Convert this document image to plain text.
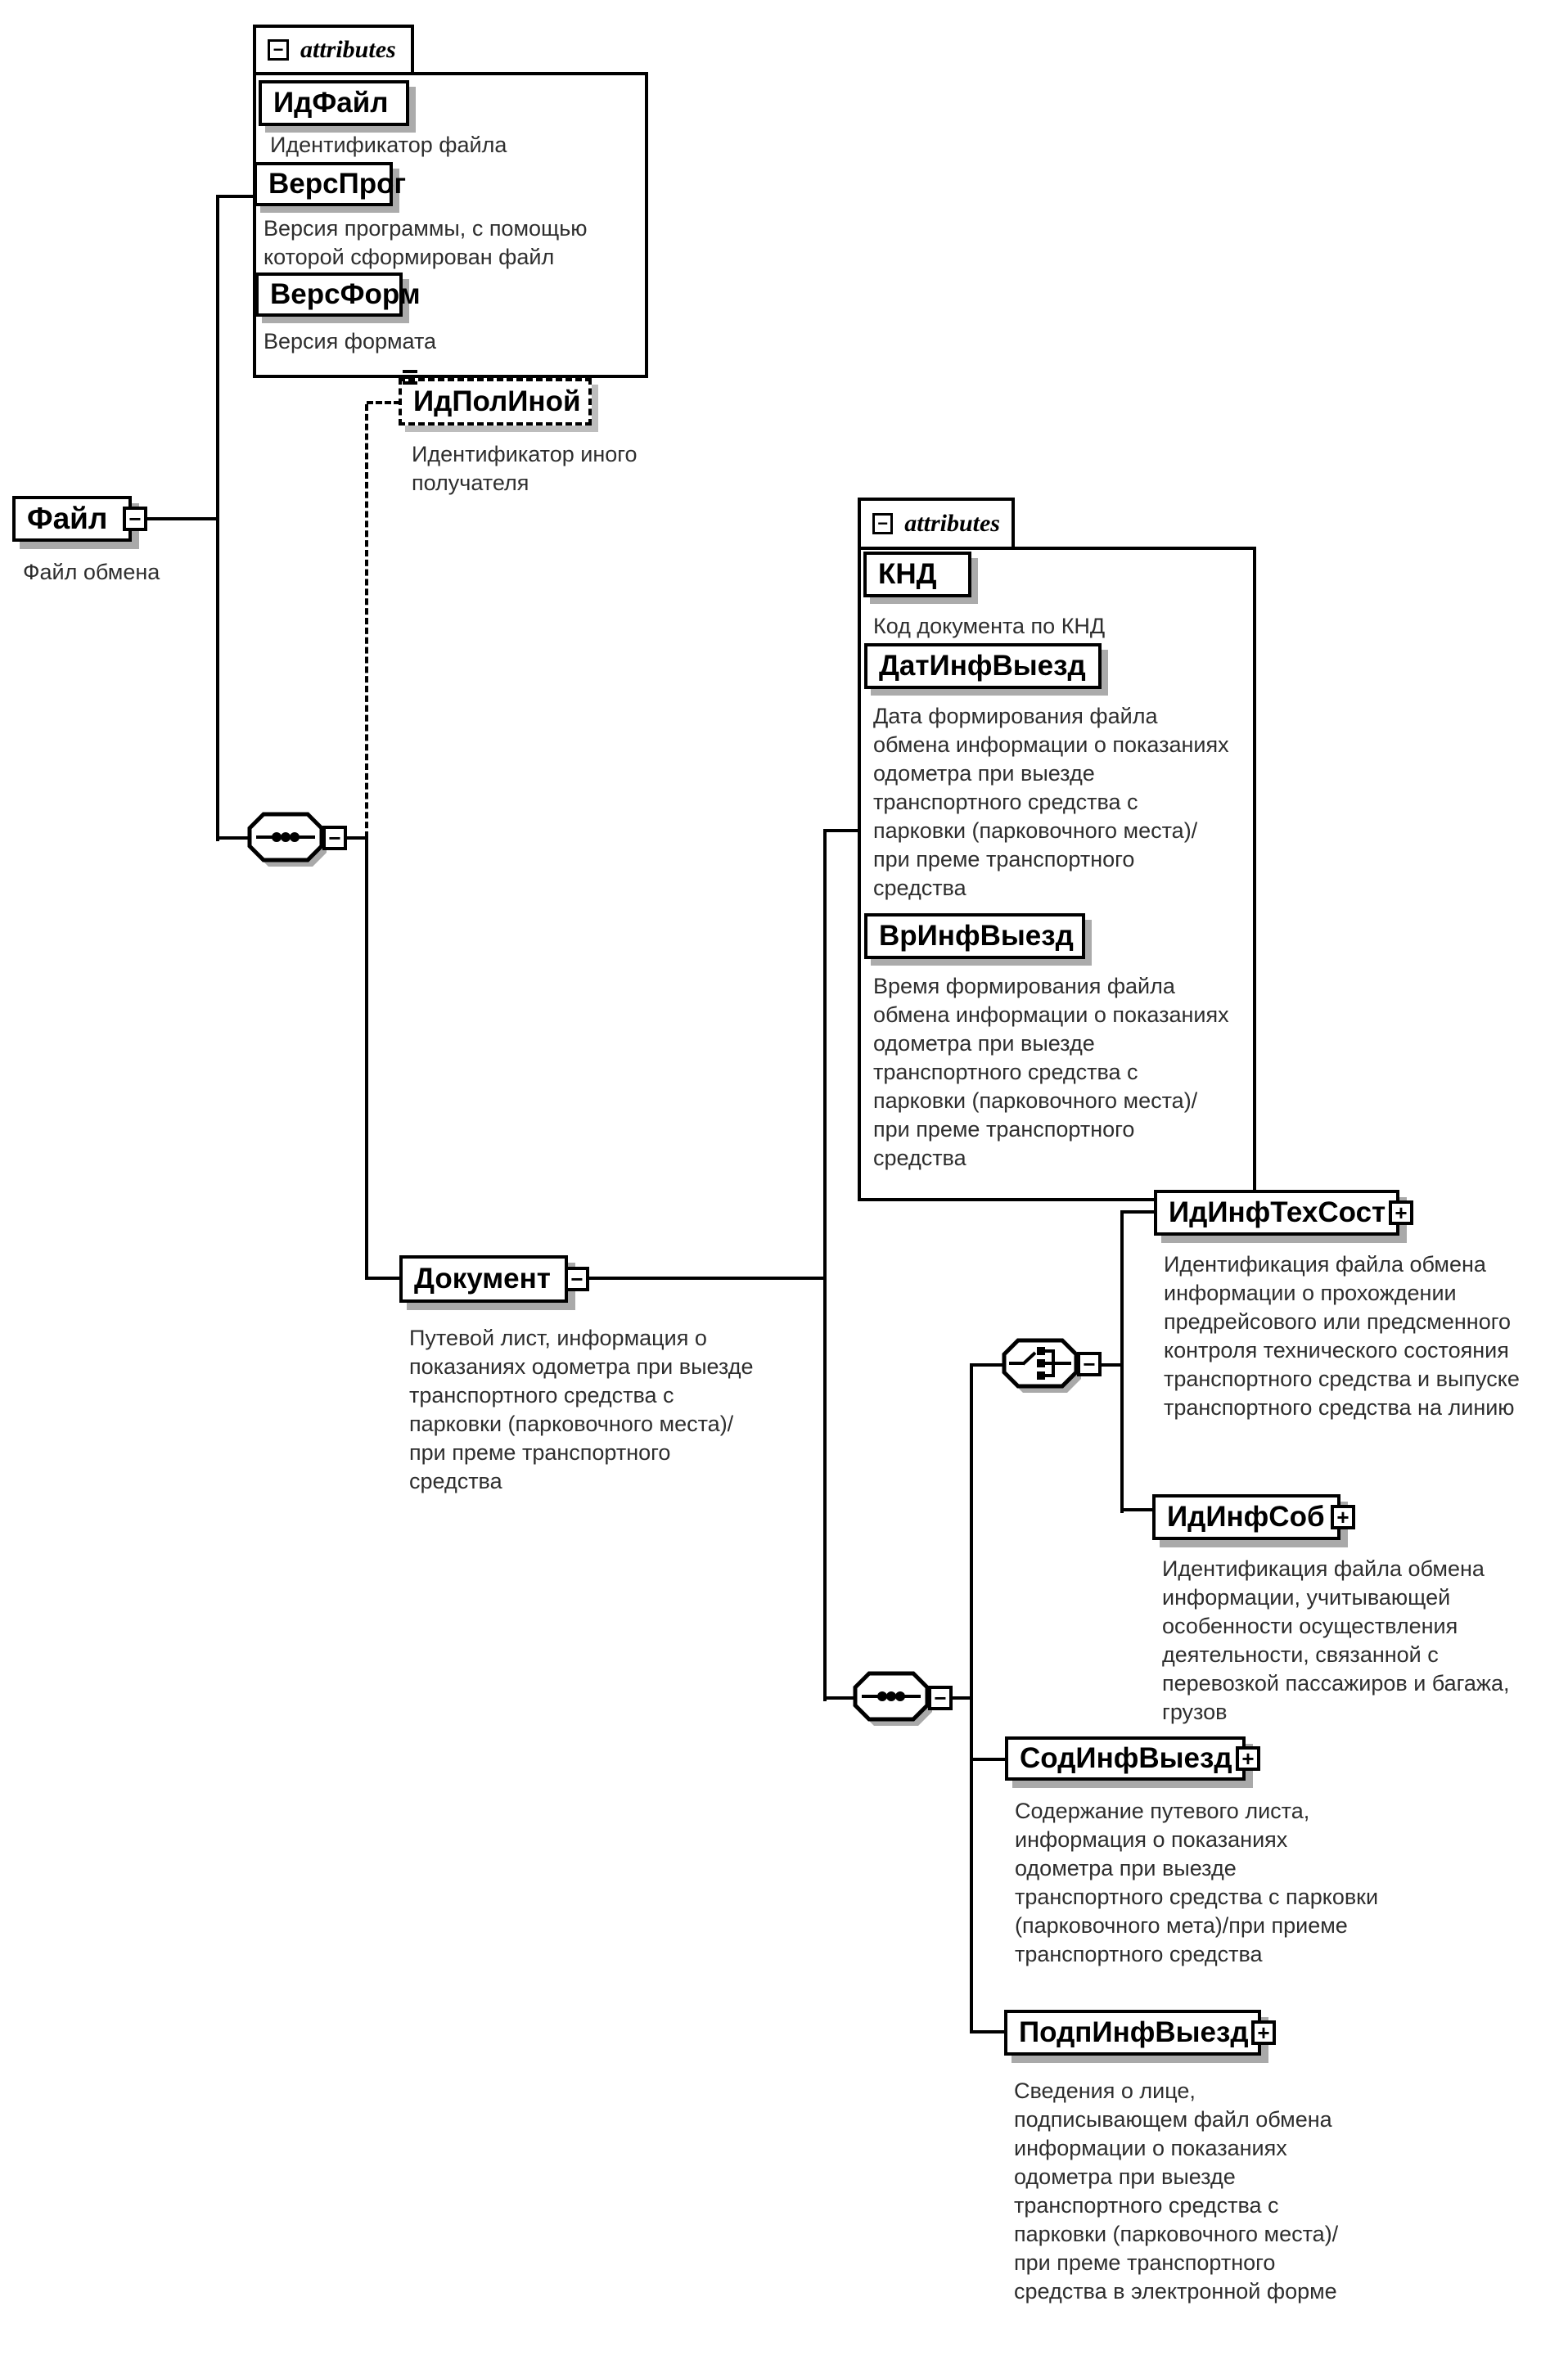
− attributes
ИдФайл
Идентификатор файла
ВерсПрог
Версия программы, с помощью которой сформирован файл
ВерсФорм
Версия формата
ИдПолИной
Идентификатор иного получателя
Файл −
Файл обмена
−
Документ −
Путевой лист, информация о показаниях одометра при выезде транспортного средства с парковки (парковочного места)/при преме транспортного средства
− attributes
КНД
Код документа по КНД
ДатИнфВыезд
Дата формирования файла обмена информации о показаниях одометра при выезде транспортного средства с парковки (парковочного места)/при преме транспортного средства
ВрИнфВыезд
Время формирования файла обмена информации о показаниях одометра при выезде транспортного средства с парковки (парковочного места)/при преме транспортного средства
−
−
ИдИнфТехСост +
Идентификация файла обмена информации о прохождении предрейсового или предсменного контроля технического состояния транспортного средства и выпуске транспортного средства на линию
ИдИнфСоб +
Идентификация файла обмена информации, учитывающей особенности осуществления деятельности, связанной с перевозкой пассажиров и багажа, грузов
СодИнфВыезд +
Содержание путевого листа, информация о показаниях одометра при выезде транспортного средства с парковки (парковочного мета)/при приеме транспортного средства
ПодпИнфВыезд +
Сведения о лице, подписывающем файл обмена информации о показаниях одометра при выезде транспортного средства с парковки (парковочного места)/при преме транспортного средства в электронной форме
